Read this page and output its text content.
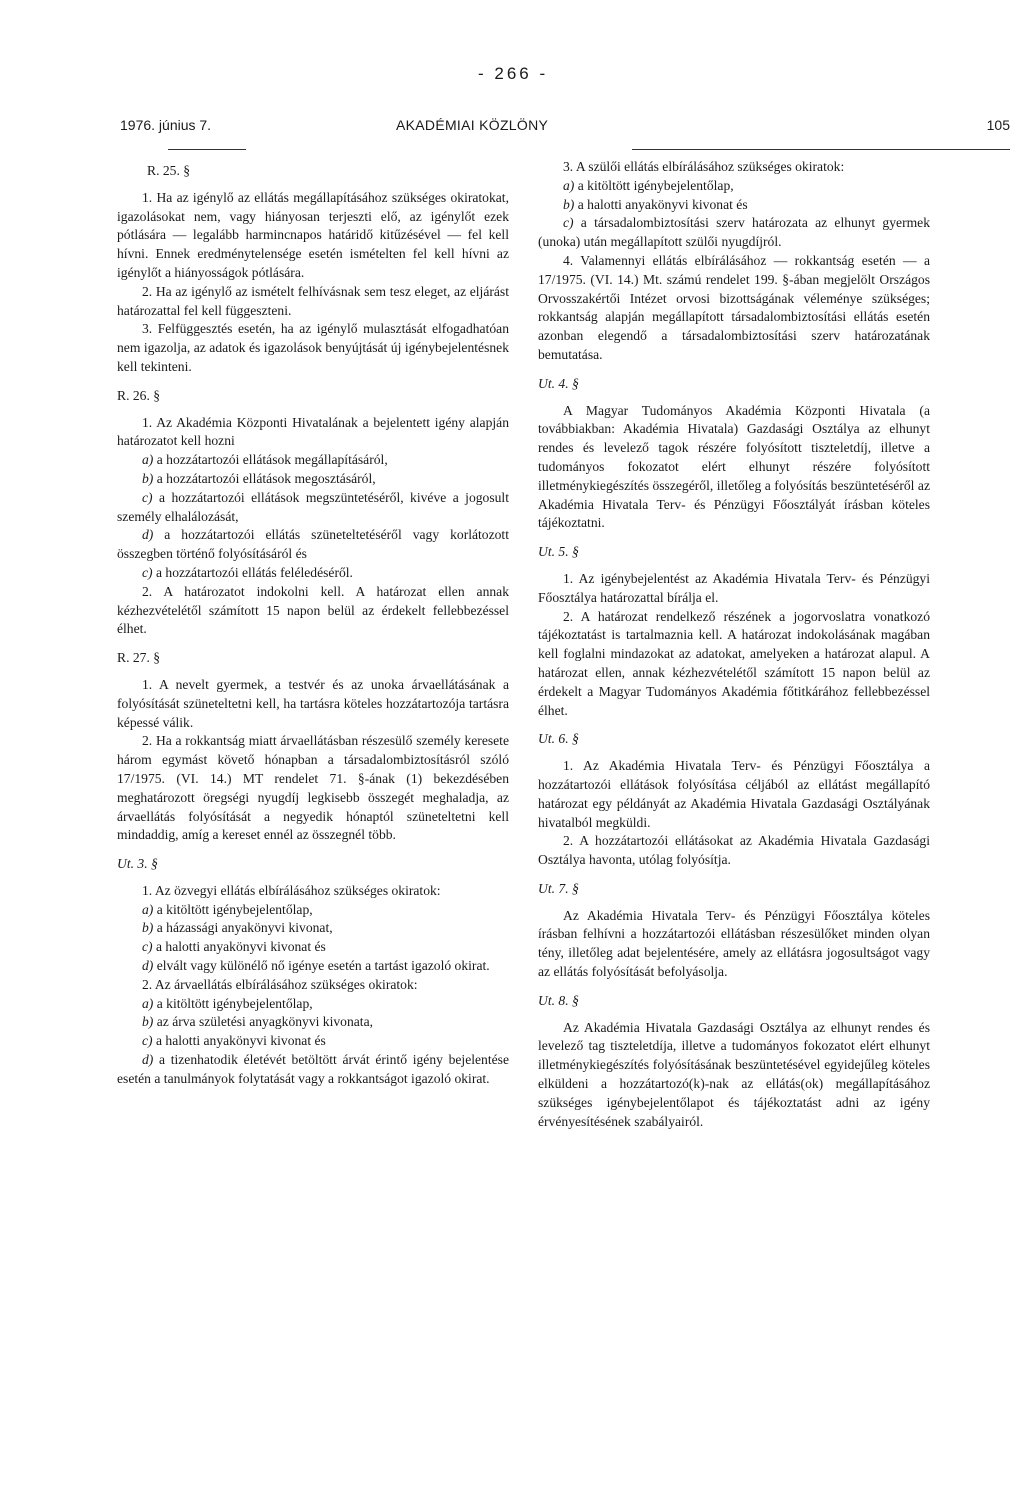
- 266 -
1976. június 7.	AKADÉMIAI KÖZLÖNY	105

R. 25. §

1. Ha az igénylő az ellátás megállapításához szükséges okiratokat, igazolásokat nem, vagy hiányosan terjeszti elő, az igénylőt ezek pótlására — legalább harmincnapos határidő kitűzésével — fel kell hívni. Ennek eredménytelensége esetén ismételten fel kell hívni az igénylőt a hiányosságok pótlására.

2. Ha az igénylő az ismételt felhívásnak sem tesz eleget, az eljárást határozattal fel kell függeszteni.

3. Felfüggesztés esetén, ha az igénylő mulasztását elfogadhatóan nem igazolja, az adatok és igazolások benyújtását új igénybejelentésnek kell tekinteni.

R. 26. §

1. Az Akadémia Központi Hivatalának a bejelentett igény alapján határozatot kell hozni

a) a hozzátartozói ellátások megállapításáról,

b) a hozzátartozói ellátások megosztásáról,

c) a hozzátartozói ellátások megszüntetéséről, kivéve a jogosult személy elhalálozását,

d) a hozzátartozói ellátás szüneteltetéséről vagy korlátozott összegben történő folyósításáról és

c) a hozzátartozói ellátás feléledéséről.

2. A határozatot indokolni kell. A határozat ellen annak kézhezvételétől számított 15 napon belül az érdekelt fellebbezéssel élhet.

R. 27. §

1. A nevelt gyermek, a testvér és az unoka árvaellátásának a folyósítását szüneteltetni kell, ha tartásra köteles hozzátartozója tartásra képessé válik.

2. Ha a rokkantság miatt árvaellátásban részesülő személy keresete három egymást követő hónapban a társadalombiztosításról szóló 17/1975. (VI. 14.) MT rendelet 71. §-ának (1) bekezdésében meghatározott öregségi nyugdíj legkisebb összegét meghaladja, az árvaellátás folyósítását a negyedik hónaptól szüneteltetni kell mindaddig, amíg a kereset ennél az összegnél több.

Ut. 3. §

1. Az özvegyi ellátás elbírálásához szükséges okiratok:

a) a kitöltött igénybejelentőlap,

b) a házassági anyakönyvi kivonat,

c) a halotti anyakönyvi kivonat és

d) elvált vagy különélő nő igénye esetén a tartást igazoló okirat.

2. Az árvaellátás elbírálásához szükséges okiratok:

a) a kitöltött igénybejelentőlap,

b) az árva születési anyagkönyvi kivonata,

c) a halotti anyakönyvi kivonat és

d) a tizenhatodik életévét betöltött árvát érintő igény bejelentése esetén a tanulmányok folytatását vagy a rokkantságot igazoló okirat.

3. A szülői ellátás elbírálásához szükséges okiratok:

a) a kitöltött igénybejelentőlap,

b) a halotti anyakönyvi kivonat és

c) a társadalombiztosítási szerv határozata az elhunyt gyermek (unoka) után megállapított szülői nyugdíjról.

4. Valamennyi ellátás elbírálásához — rokkantság esetén — a 17/1975. (VI. 14.) Mt. számú rendelet 199. §-ában megjelölt Országos Orvosszakértői Intézet orvosi bizottságának véleménye szükséges; rokkantság alapján megállapított társadalombiztosítási ellátás esetén azonban elegendő a társadalombiztosítási szerv határozatának bemutatása.

Ut. 4. §

A Magyar Tudományos Akadémia Központi Hivatala (a továbbiakban: Akadémia Hivatala) Gazdasági Osztálya az elhunyt rendes és levelező tagok részére folyósított tiszteletdíj, illetve a tudományos fokozatot elért elhunyt részére folyósított illetménykiegészítés összegéről, illetőleg a folyósítás beszüntetéséről az Akadémia Hivatala Terv- és Pénzügyi Főosztályát írásban köteles tájékoztatni.

Ut. 5. §

1. Az igénybejelentést az Akadémia Hivatala Terv- és Pénzügyi Főosztálya határozattal bírálja el.

2. A határozat rendelkező részének a jogorvoslatra vonatkozó tájékoztatást is tartalmaznia kell. A határozat indokolásának magában kell foglalni mindazokat az adatokat, amelyeken a határozat alapul. A határozat ellen, annak kézhezvételétől számított 15 napon belül az érdekelt a Magyar Tudományos Akadémia főtitkárához fellebbezéssel élhet.

Ut. 6. §

1. Az Akadémia Hivatala Terv- és Pénzügyi Főosztálya a hozzátartozói ellátások folyósítása céljából az ellátást megállapító határozat egy példányát az Akadémia Hivatala Gazdasági Osztályának hivatalból megküldi.

2. A hozzátartozói ellátásokat az Akadémia Hivatala Gazdasági Osztálya havonta, utólag folyósítja.

Ut. 7. §

Az Akadémia Hivatala Terv- és Pénzügyi Főosztálya köteles írásban felhívni a hozzátartozói ellátásban részesülőket minden olyan tény, illetőleg adat bejelentésére, amely az ellátásra jogosultságot vagy az ellátás folyósítását befolyásolja.

Ut. 8. §

Az Akadémia Hivatala Gazdasági Osztálya az elhunyt rendes és levelező tag tiszteletdíja, illetve a tudományos fokozatot elért elhunyt illetménykiegészítés folyósításának beszüntetésével egyidejűleg köteles elküldeni a hozzátartozó(k)-nak az ellátás(ok) megállapításához szükséges igénybejelentőlapot és tájékoztatást adni az igény érvényesítésének szabályairól.
